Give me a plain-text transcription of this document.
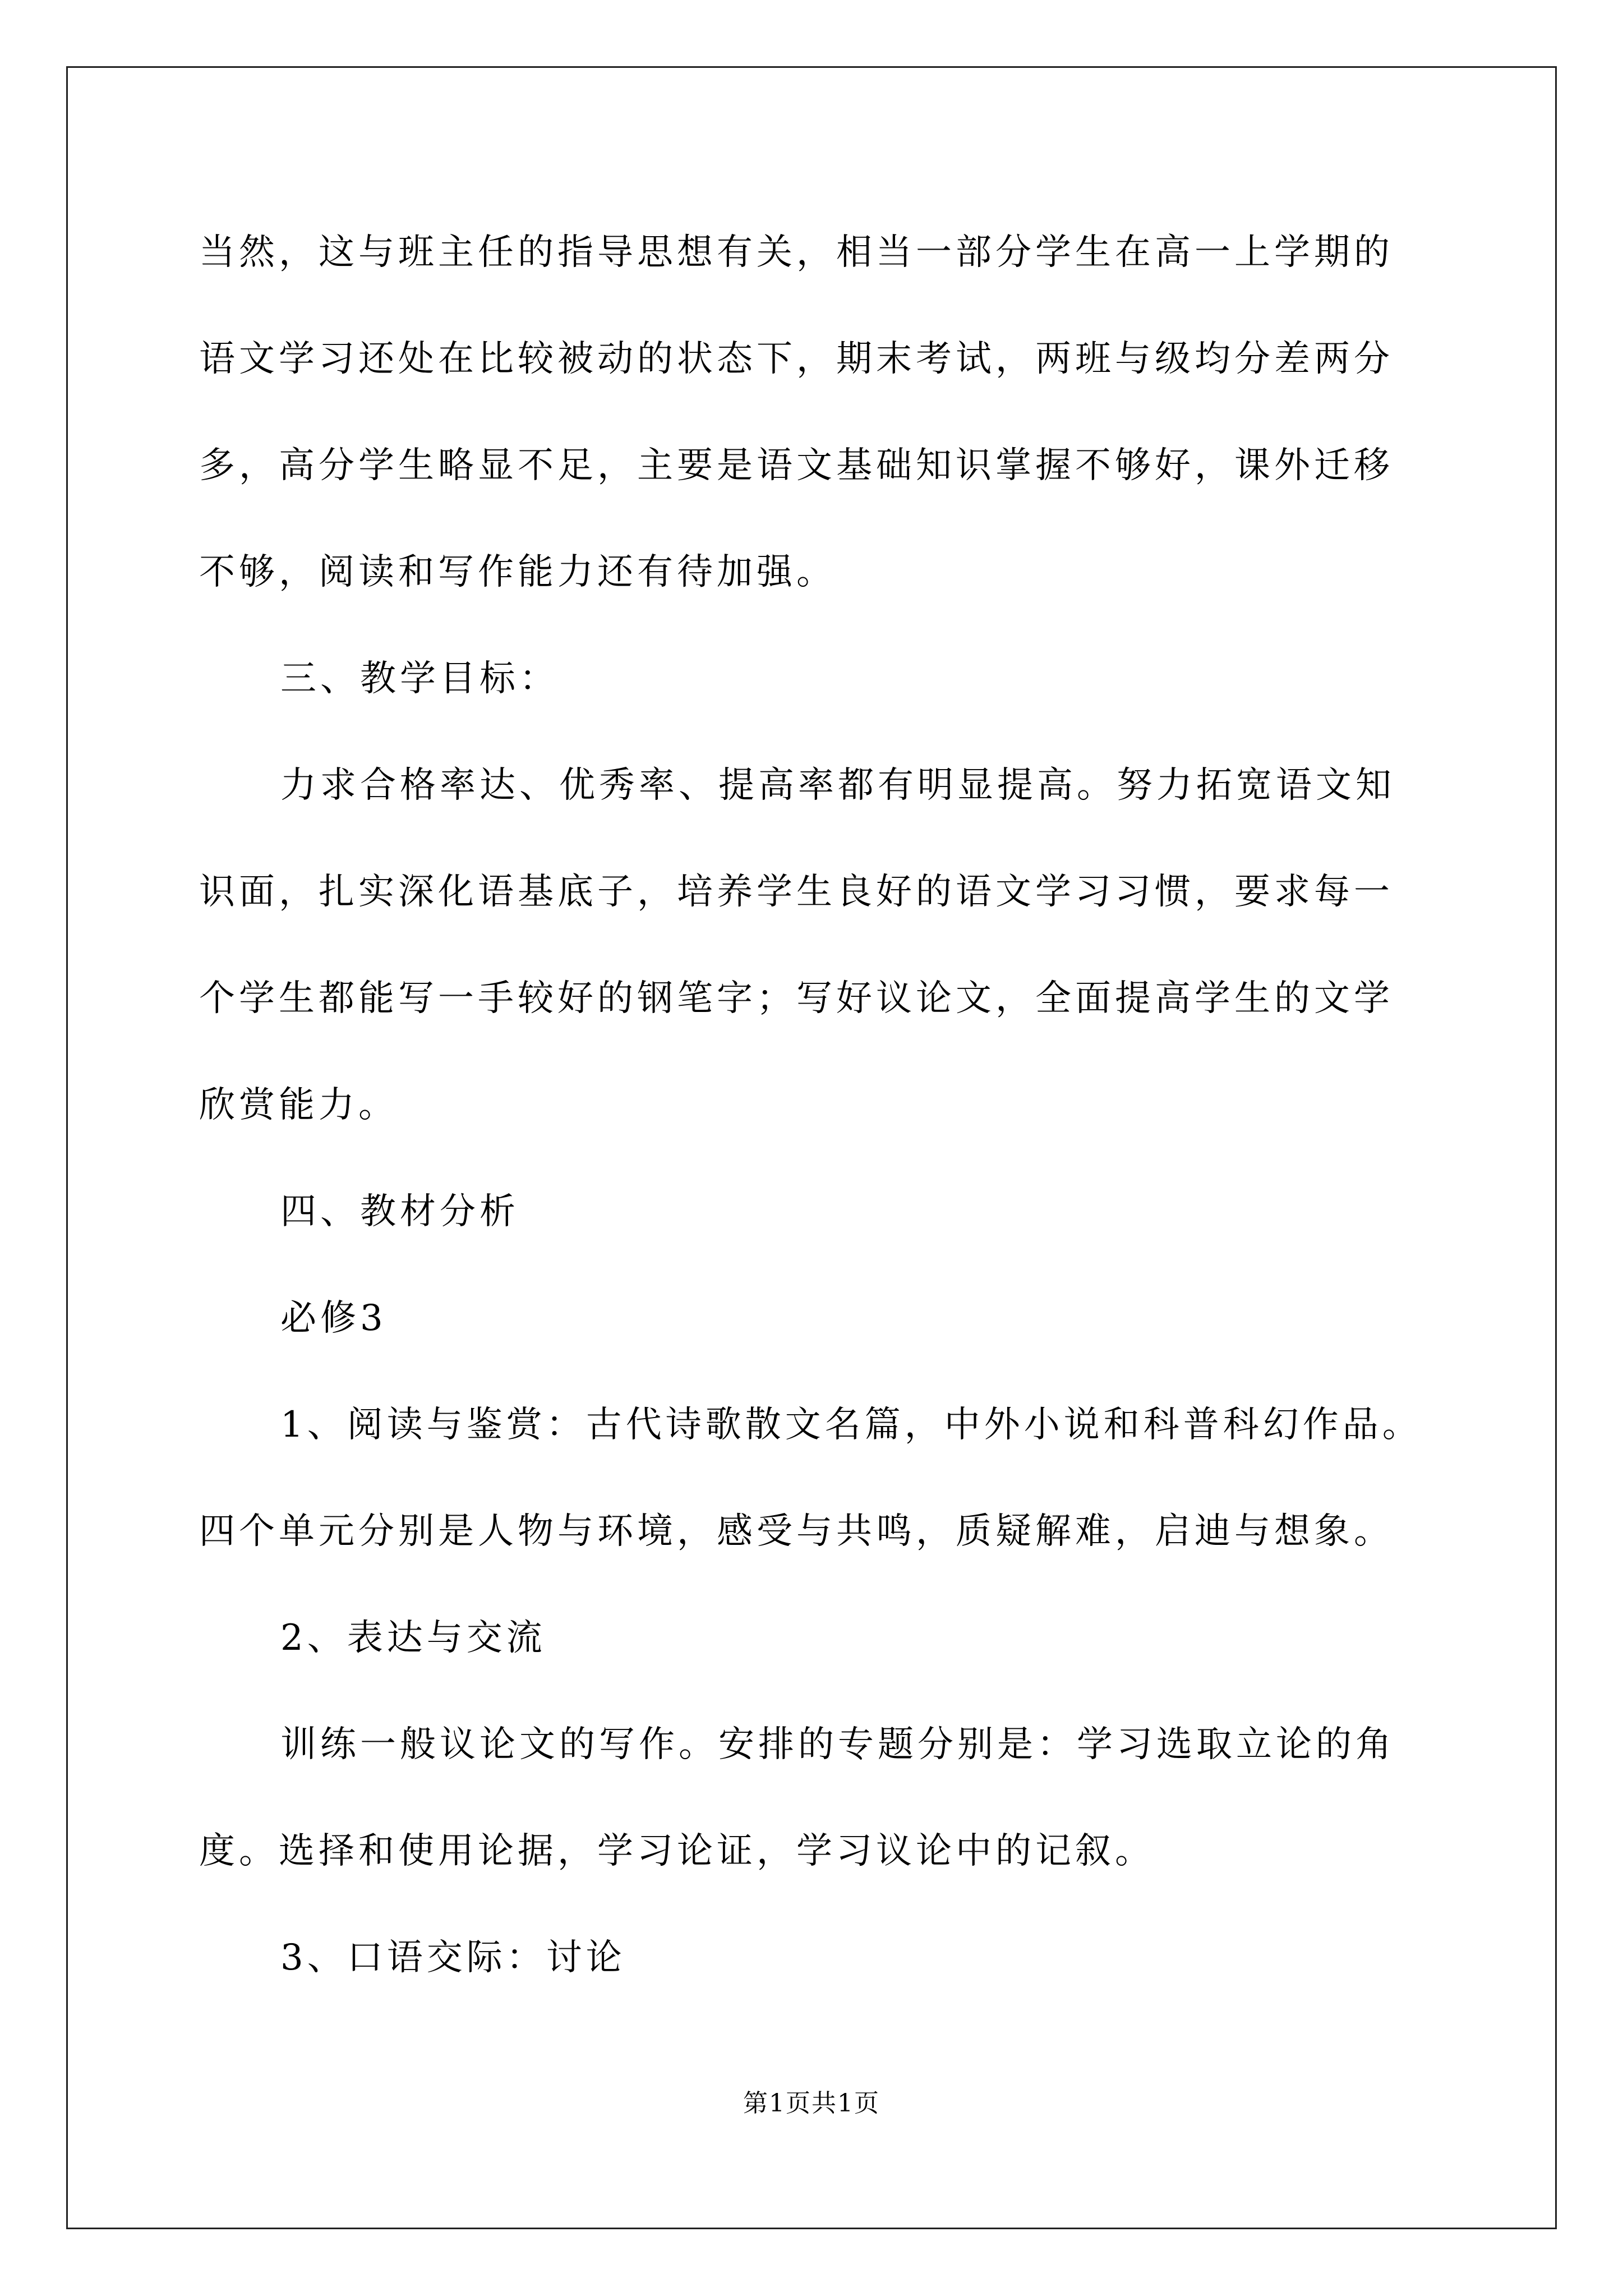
当然，这与班主任的指导思想有关，相当一部分学生在高一上学期的
语文学习还处在比较被动的状态下，期末考试，两班与级均分差两分
多，高分学生略显不足，主要是语文基础知识掌握不够好，课外迁移
不够，阅读和写作能力还有待加强。
三、教学目标：
力求合格率达、优秀率、提高率都有明显提高。努力拓宽语文知
识面，扎实深化语基底子，培养学生良好的语文学习习惯，要求每一
个学生都能写一手较好的钢笔字；写好议论文，全面提高学生的文学
欣赏能力。
四、教材分析
必修3
1、阅读与鉴赏：古代诗歌散文名篇，中外小说和科普科幻作品。
四个单元分别是人物与环境，感受与共鸣，质疑解难，启迪与想象。
2、表达与交流
训练一般议论文的写作。安排的专题分别是：学习选取立论的角
度。选择和使用论据，学习论证，学习议论中的记叙。
3、口语交际：讨论
第1页共1页
